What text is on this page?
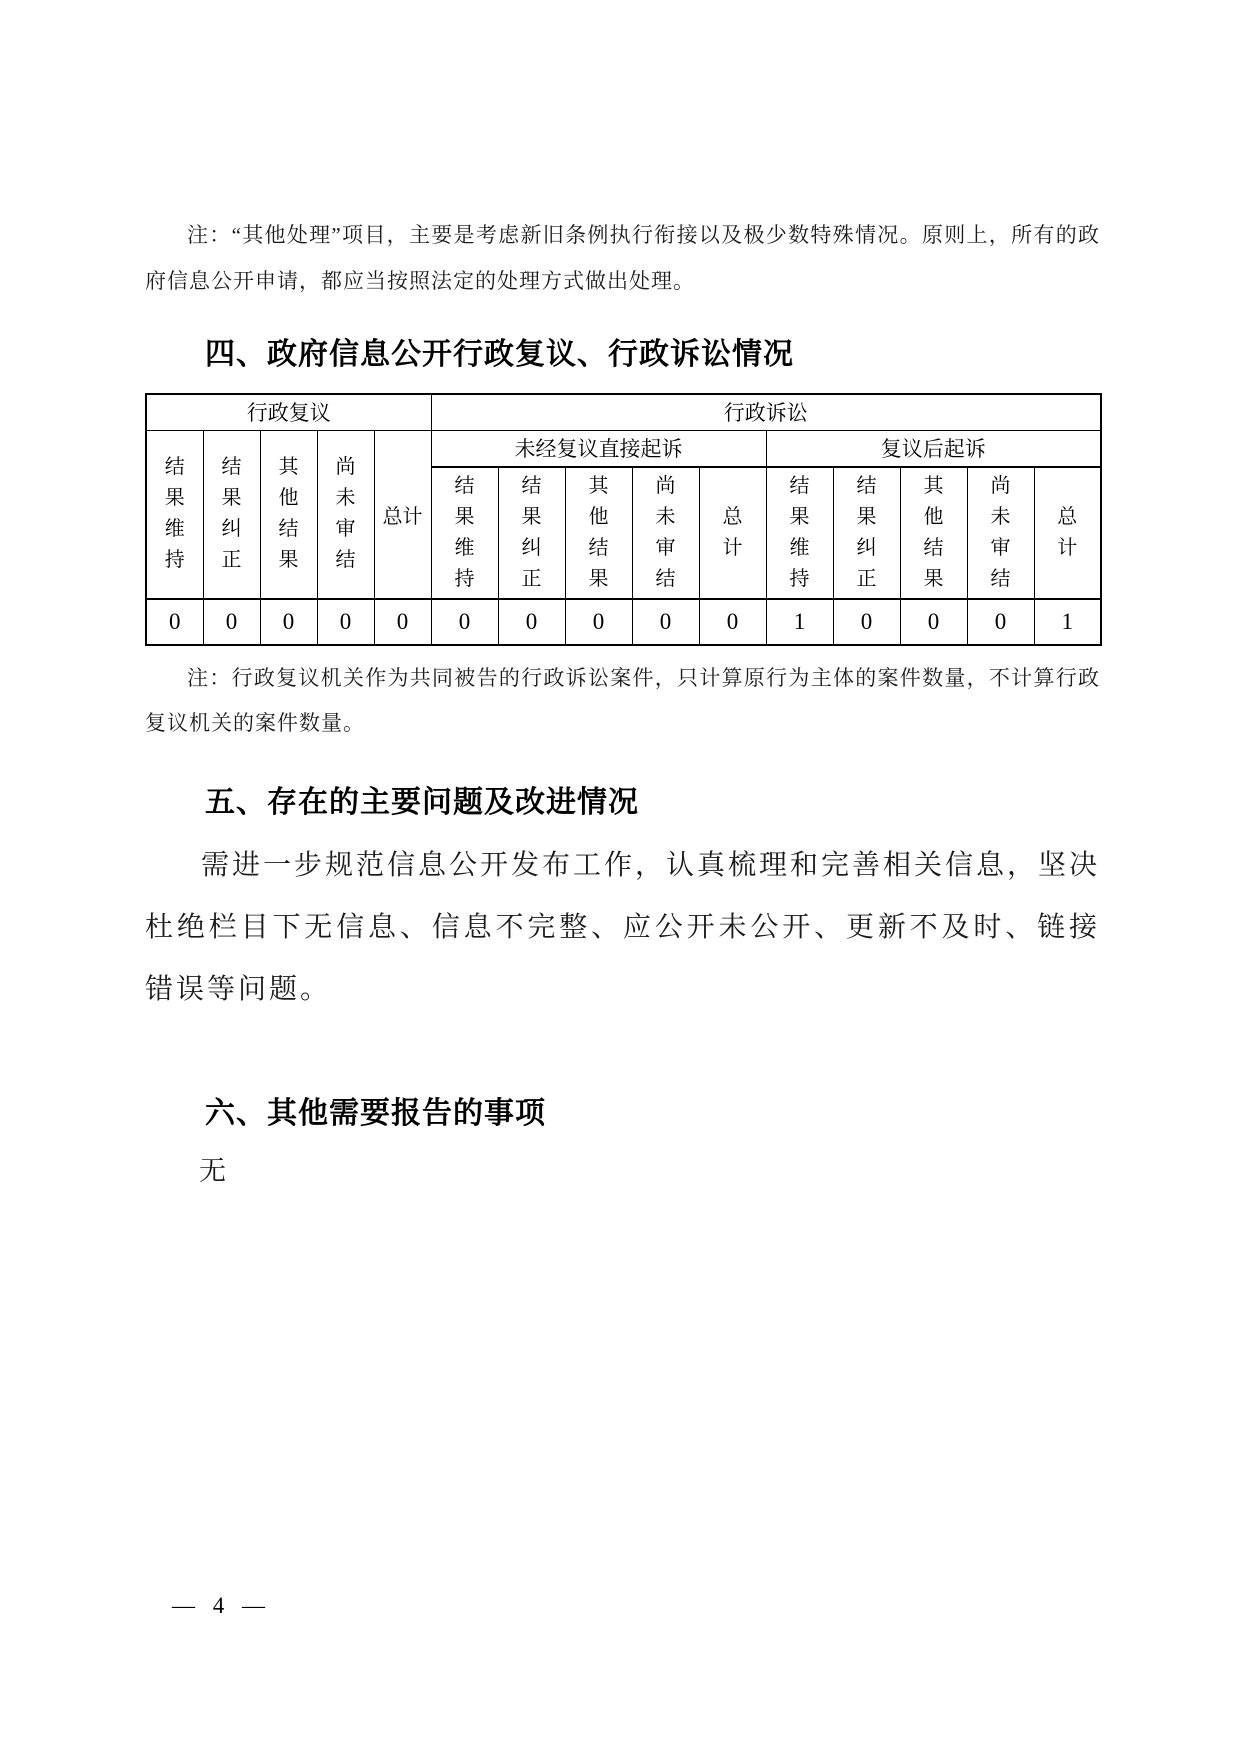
注：“其他处理”项目，主要是考虑新旧条例执行衔接以及极少数特殊情况。原则上，所有的政府信息公开申请，都应当按照法定的处理方式做出处理。

四、政府信息公开行政复议、行政诉讼情况
行政复议					行政诉讼									
结果维持	结果纠正	其他结果	尚未审结	总计	未经复议直接起诉					复议后起诉				
					结果维持	结果纠正	其他结果	尚未审结	总计	结果维持	结果纠正	其他结果	尚未审结	总计
0	0	0	0	0	0	0	0	0	0	1	0	0	0	1

注：行政复议机关作为共同被告的行政诉讼案件，只计算原行为主体的案件数量，不计算行政复议机关的案件数量。

五、存在的主要问题及改进情况

需进一步规范信息公开发布工作，认真梳理和完善相关信息，坚决杜绝栏目下无信息、信息不完整、应公开未公开、更新不及时、链接错误等问题。

六、其他需要报告的事项

无

— 4 —
